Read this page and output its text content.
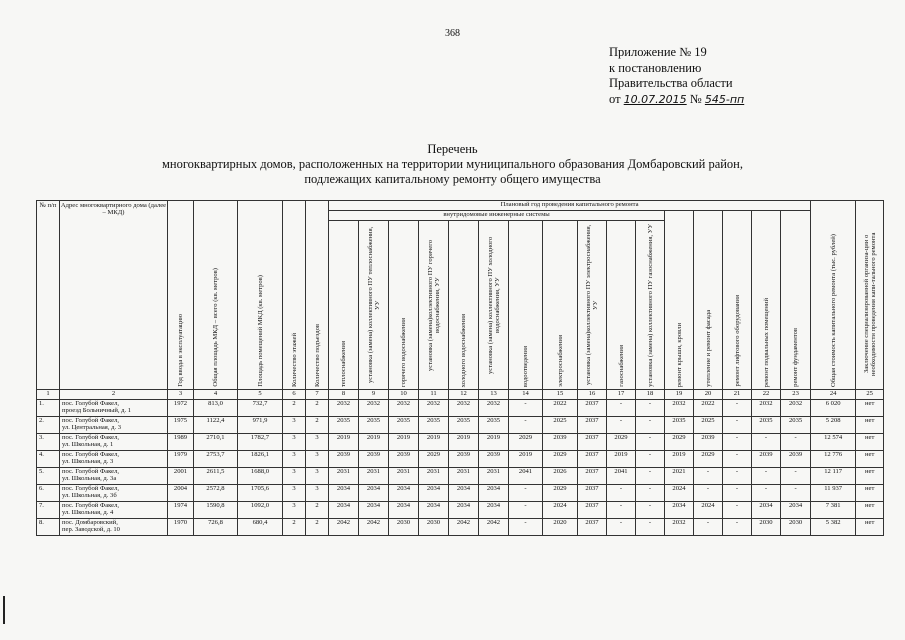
368
Приложение № 19
к постановлению
Правительства области
от 10.07.2015 № 545-пп
Перечень
многоквартирных домов, расположенных на территории муниципального образования Домбаровский район,
подлежащих капитальному ремонту общего имущества
№ п/п	Адрес многоквартирного дома (далее – МКД)	Год ввода в эксплуатацию	Общая площадь МКД – всего (кв. метров)	Площадь помещений МКД (кв. метров)	Количество этажей	Количество подъездов	Плановый год проведения капитального ремонта																Общая стоимость капитального ремонта (тыс. рублей)	Заключение специализированной организа-ции о необходимости проведения капи-тального ремонта

							внутридомовые инженерные системы											ремонт крыши, кровли	утепление и ремонт фасада	ремонт лифтового оборудования	ремонт подвальных помещений	ремонт фундаментов		

							теплоснабжения	установка (замена) коллективного ПУ теплоснабжения, УУ	горячего водоснабжения	установка (замена)коллективного ПУ горячего водоснабжения, УУ	холодного водоснабжения	установка (замена) коллективного ПУ холодного водоснабжения, УУ	водоотведения	электроснабжения	установка (замена)коллективного ПУ электроснабжения, УУ	газоснабжения	установка (замена) коллективного ПУ газоснабжения, УУ							

1	2	3	4	5	6	7	8	9	10	11	12	13	14	15	16	17	18	19	20	21	22	23	24	25
1.	пос. Голубой Факел,
проезд Больничный, д. 1	1972	813,0	732,7	2	2	2032	2032	2032	2032	2032	2032	-	2022	2037	-	-	2032	2022	-	2032	2032	6 020	нет
2.	пос. Голубой Факел,
ул. Центральная, д. 3	1975	1122,4	971,9	3	2	2035	2035	2035	2035	2035	2035	-	2025	2037	-	-	2035	2025	-	2035	2035	5 208	нет
3.	пос. Голубой Факел,
ул. Школьная, д. 1	1989	2710,1	1782,7	3	3	2019	2019	2019	2019	2019	2019	2029	2039	2037	2029	-	2029	2039	-	-	-	12 574	нет
4.	пос. Голубой Факел,
ул. Школьная, д. 3	1979	2753,7	1826,1	3	3	2039	2039	2039	2029	2039	2039	2019	2029	2037	2019	-	2019	2029	-	2039	2039	12 776	нет
5.	пос. Голубой Факел,
ул. Школьная, д. 3а	2001	2611,5	1688,0	3	3	2031	2031	2031	2031	2031	2031	2041	2026	2037	2041	-	2021	-	-	-	-	12 117	нет
6.	пос. Голубой Факел,
ул. Школьная, д. 3б	2004	2572,8	1705,6	3	3	2034	2034	2034	2034	2034	2034	-	2029	2037	-	-	2024	-	-	-	-	11 937	нет
7.	пос. Голубой Факел,
ул. Школьная, д. 4	1974	1590,8	1092,0	3	2	2034	2034	2034	2034	2034	2034	-	2024	2037	-	-	2034	2024	-	2034	2034	7 381	нет
8.	пос. Домбаровский,
пер. Заводской, д. 10	1970	726,8	680,4	2	2	2042	2042	2030	2030	2042	2042	-	2020	2037	-	-	2032	-	-	2030	2030	5 382	нет
